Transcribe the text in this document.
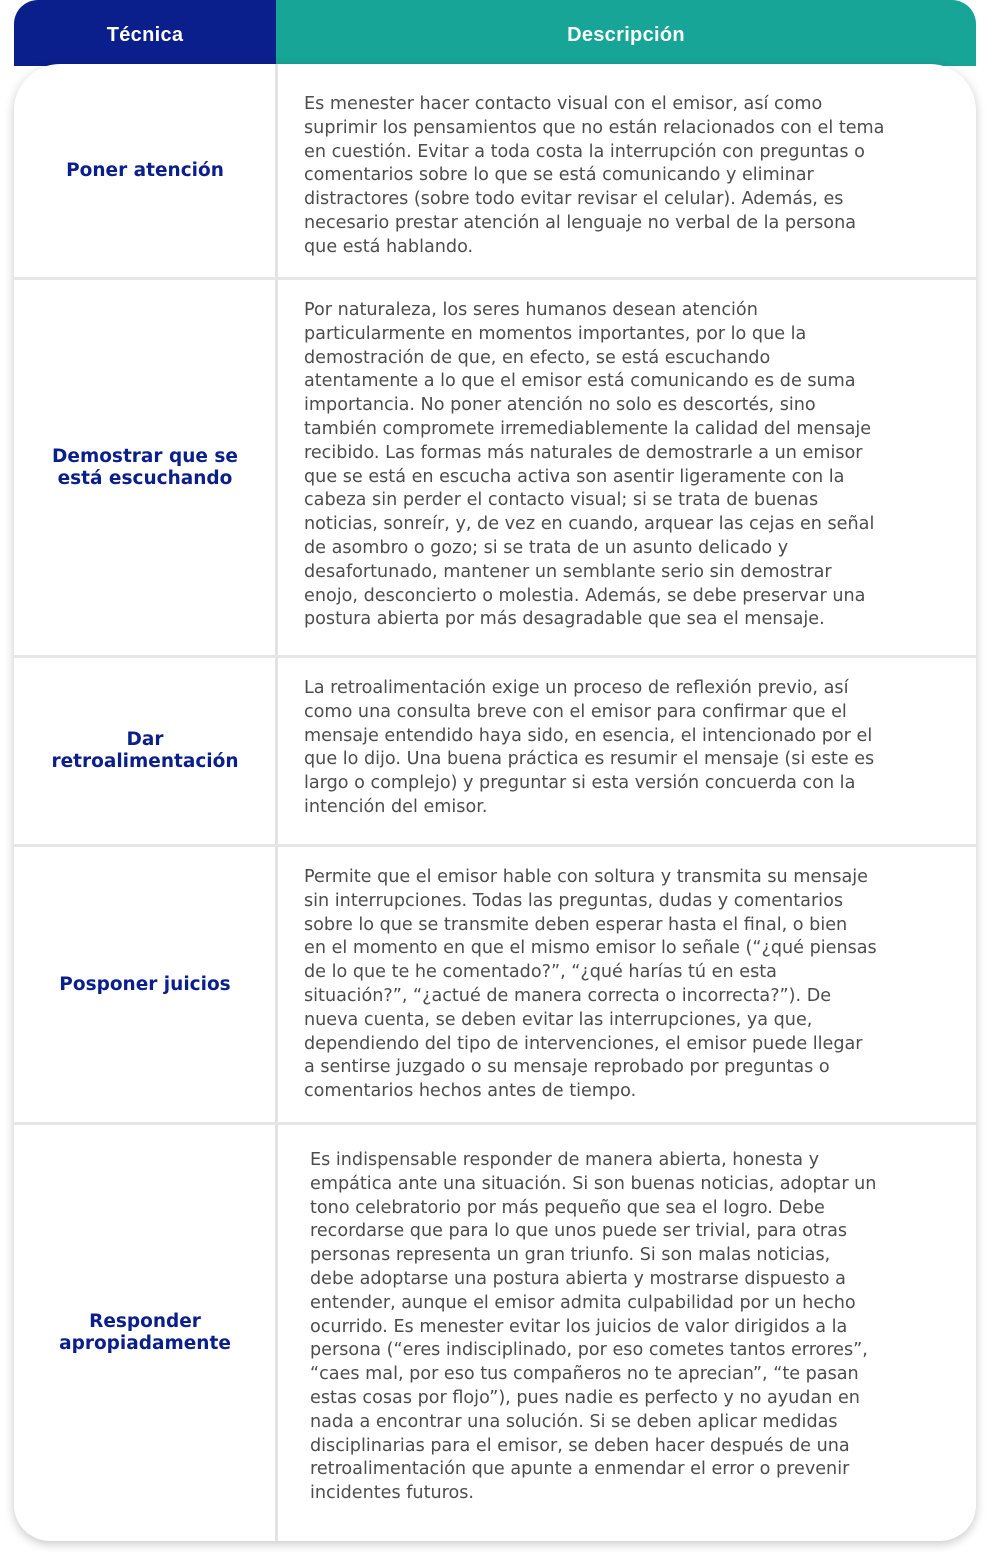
Técnica	Descripción
Poner atención
Es menester hacer contacto visual con el emisor, así como
suprimir los pensamientos que no están relacionados con el tema
en cuestión. Evitar a toda costa la interrupción con preguntas o
comentarios sobre lo que se está comunicando y eliminar
distractores (sobre todo evitar revisar el celular). Además, es
necesario prestar atención al lenguaje no verbal de la persona
que está hablando.
Demostrar que se
está escuchando
Por naturaleza, los seres humanos desean atención
particularmente en momentos importantes, por lo que la
demostración de que, en efecto, se está escuchando
atentamente a lo que el emisor está comunicando es de suma
importancia. No poner atención no solo es descortés, sino
también compromete irremediablemente la calidad del mensaje
recibido. Las formas más naturales de demostrarle a un emisor
que se está en escucha activa son asentir ligeramente con la
cabeza sin perder el contacto visual; si se trata de buenas
noticias, sonreír, y, de vez en cuando, arquear las cejas en señal
de asombro o gozo; si se trata de un asunto delicado y
desafortunado, mantener un semblante serio sin demostrar
enojo, desconcierto o molestia. Además, se debe preservar una
postura abierta por más desagradable que sea el mensaje.
Dar
retroalimentación
La retroalimentación exige un proceso de reflexión previo, así
como una consulta breve con el emisor para confirmar que el
mensaje entendido haya sido, en esencia, el intencionado por el
que lo dijo. Una buena práctica es resumir el mensaje (si este es
largo o complejo) y preguntar si esta versión concuerda con la
intención del emisor.
Posponer juicios
Permite que el emisor hable con soltura y transmita su mensaje
sin interrupciones. Todas las preguntas, dudas y comentarios
sobre lo que se transmite deben esperar hasta el final, o bien
en el momento en que el mismo emisor lo señale (“¿qué piensas
de lo que te he comentado?”, “¿qué harías tú en esta
situación?”, “¿actué de manera correcta o incorrecta?”). De
nueva cuenta, se deben evitar las interrupciones, ya que,
dependiendo del tipo de intervenciones, el emisor puede llegar
a sentirse juzgado o su mensaje reprobado por preguntas o
comentarios hechos antes de tiempo.
Responder
apropiadamente
Es indispensable responder de manera abierta, honesta y
empática ante una situación. Si son buenas noticias, adoptar un
tono celebratorio por más pequeño que sea el logro. Debe
recordarse que para lo que unos puede ser trivial, para otras
personas representa un gran triunfo. Si son malas noticias,
debe adoptarse una postura abierta y mostrarse dispuesto a
entender, aunque el emisor admita culpabilidad por un hecho
ocurrido. Es menester evitar los juicios de valor dirigidos a la
persona (“eres indisciplinado, por eso cometes tantos errores”,
“caes mal, por eso tus compañeros no te aprecian”, “te pasan
estas cosas por flojo”), pues nadie es perfecto y no ayudan en
nada a encontrar una solución. Si se deben aplicar medidas
disciplinarias para el emisor, se deben hacer después de una
retroalimentación que apunte a enmendar el error o prevenir
incidentes futuros.
